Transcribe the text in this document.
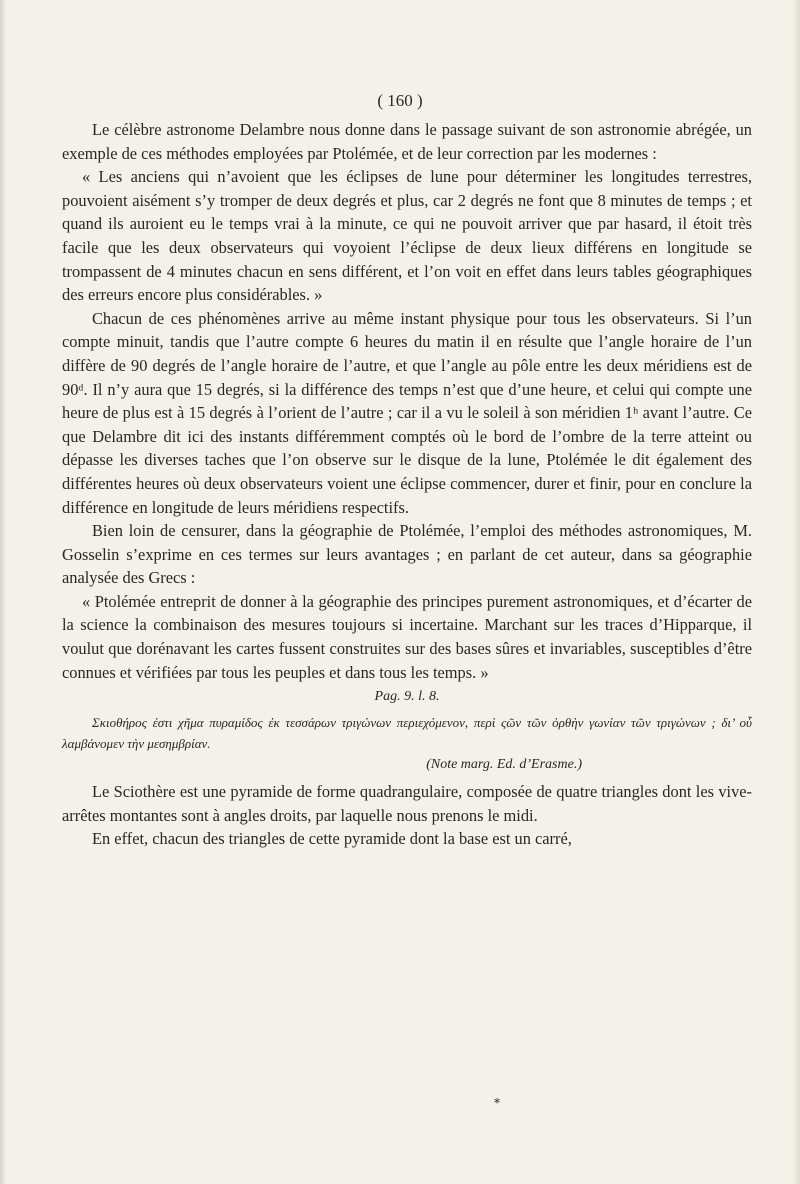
( 160 )

Le célèbre astronome Delambre nous donne dans le passage suivant de son astronomie abrégée, un exemple de ces méthodes employées par Ptolémée, et de leur correction par les modernes :

« Les anciens qui n’avoient que les éclipses de lune pour déterminer les longitudes terrestres, pouvoient aisément s’y tromper de deux degrés et plus, car 2 degrés ne font que 8 minutes de temps ; et quand ils auroient eu le temps vrai à la minute, ce qui ne pouvoit arriver que par hasard, il étoit très facile que les deux observateurs qui voyoient l’éclipse de deux lieux différens en longitude se trompassent de 4 minutes chacun en sens différent, et l’on voit en effet dans leurs tables géographiques des erreurs encore plus considérables. »

Chacun de ces phénomènes arrive au même instant physique pour tous les observateurs. Si l’un compte minuit, tandis que l’autre compte 6 heures du matin il en résulte que l’angle horaire de l’un diffère de 90 degrés de l’angle horaire de l’autre, et que l’angle au pôle entre les deux méridiens est de 90ᵈ. Il n’y aura que 15 degrés, si la différence des temps n’est que d’une heure, et celui qui compte une heure de plus est à 15 degrés à l’orient de l’autre ; car il a vu le soleil à son méridien 1ʰ avant l’autre. Ce que Delambre dit ici des instants différemment comptés où le bord de l’ombre de la terre atteint ou dépasse les diverses taches que l’on observe sur le disque de la lune, Ptolémée le dit également des différentes heures où deux observateurs voient une éclipse commencer, durer et finir, pour en conclure la différence en longitude de leurs méridiens respectifs.

Bien loin de censurer, dans la géographie de Ptolémée, l’emploi des méthodes astronomiques, M. Gosselin s’exprime en ces termes sur leurs avantages ; en parlant de cet auteur, dans sa géographie analysée des Grecs :

« Ptolémée entreprit de donner à la géographie des principes purement astronomiques, et d’écarter de la science la combinaison des mesures toujours si incertaine. Marchant sur les traces d’Hipparque, il voulut que dorénavant les cartes fussent construites sur des bases sûres et invariables, susceptibles d’être connues et vérifiées par tous les peuples et dans tous les temps. »

Pag. 9. l. 8.

Σκιοθήρος ἐστι χῆμα πυραμίδος ἐκ τεσσάρων τριγώνων περιεχόμενον, περὶ ςῶν τῶν ὀρθὴν γωνίαν τῶν τριγώνων ; δι’ οὗ λαμβάνομεν τὴν μεσημβρίαν.

(Note marg. Ed. d’Erasme.)

Le Sciothère est une pyramide de forme quadrangulaire, composée de quatre triangles dont les vive-arrêtes montantes sont à angles droits, par laquelle nous prenons le midi.

En effet, chacun des triangles de cette pyramide dont la base est un carré,

⁎
